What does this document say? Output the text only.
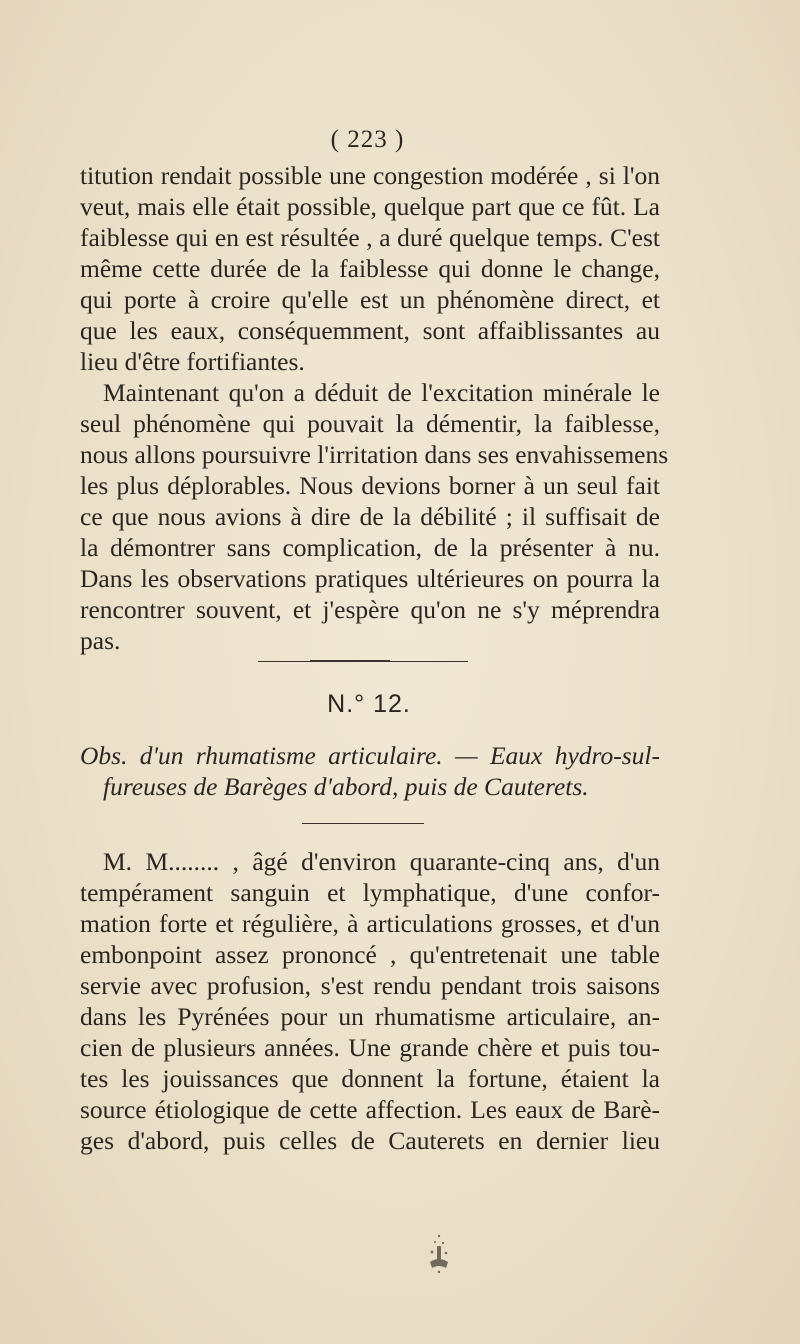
( 223 )
titution rendait possible une congestion modérée , si l'on
veut, mais elle était possible, quelque part que ce fût. La
faiblesse qui en est résultée , a duré quelque temps. C'est
même cette durée de la faiblesse qui donne le change,
qui porte à croire qu'elle est un phénomène direct, et
que les eaux, conséquemment, sont affaiblissantes au
lieu d'être fortifiantes.
Maintenant qu'on a déduit de l'excitation minérale le
seul phénomène qui pouvait la démentir, la faiblesse,
nous allons poursuivre l'irritation dans ses envahissemens
les plus déplorables. Nous devions borner à un seul fait
ce que nous avions à dire de la débilité ; il suffisait de
la démontrer sans complication, de la présenter à nu.
Dans les observations pratiques ultérieures on pourra la
rencontrer souvent, et j'espère qu'on ne s'y méprendra
pas.
N.° 12.
Obs. d'un rhumatisme articulaire. — Eaux hydro-sul-
fureuses de Barèges d'abord, puis de Cauterets.
M. M........ , âgé d'environ quarante-cinq ans, d'un
tempérament sanguin et lymphatique, d'une confor-
mation forte et régulière, à articulations grosses, et d'un
embonpoint assez prononcé , qu'entretenait une table
servie avec profusion, s'est rendu pendant trois saisons
dans les Pyrénées pour un rhumatisme articulaire, an-
cien de plusieurs années. Une grande chère et puis tou-
tes les jouissances que donnent la fortune, étaient la
source étiologique de cette affection. Les eaux de Barè-
ges d'abord, puis celles de Cauterets en dernier lieu
